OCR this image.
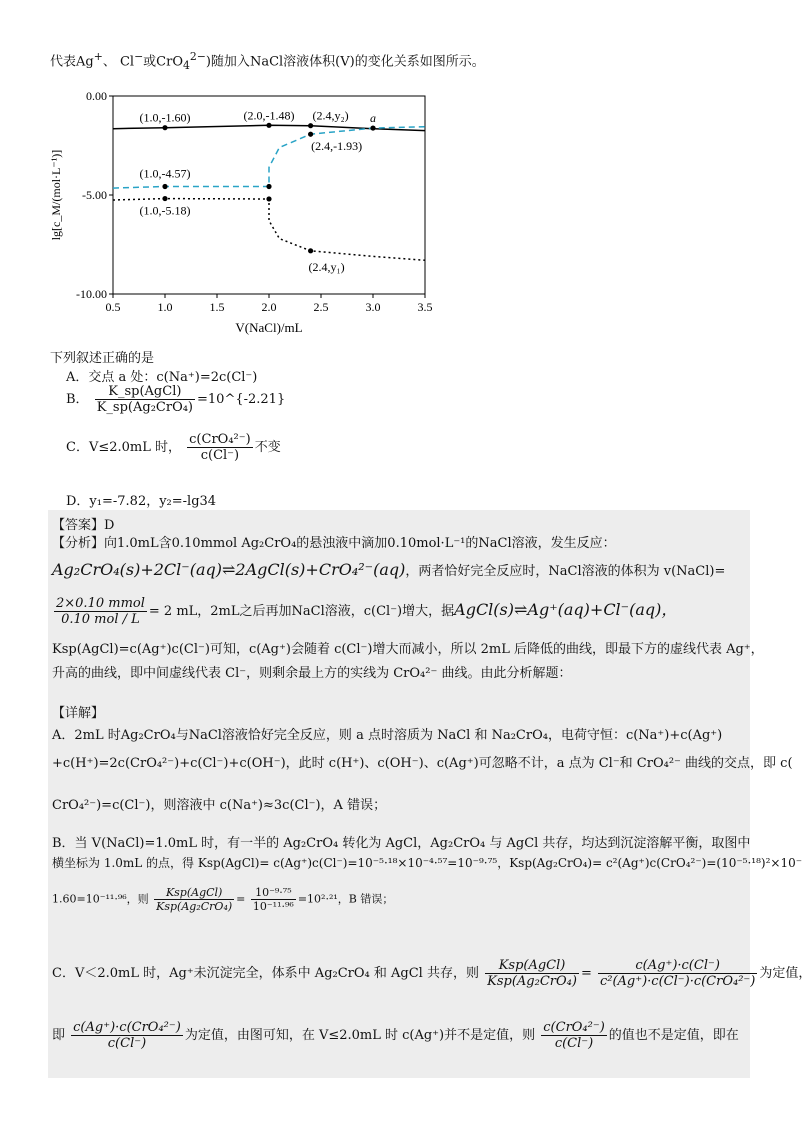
代表Ag+、 Cl−或CrO$_4^{2-}$)随加入NaCl溶液体积(V)的变化关系如图所示。
0.5	1.0	1.5	2.0	2.5	3.0	3.5
0.00
-5.00
-10.00
V(NaCl)/mL
lg[c_M/(mol·L⁻¹)]
(1.0,-1.60)	(2.0,-1.48) (2.4,y₂) a
(2.4,-1.93)
(1.0,-4.57)
(1.0,-5.18)
(2.4,y₁)
下列叙述正确的是
A．交点 a 处：c(Na⁺)=2c(Cl⁻)
B． $\frac{\text{K\_sp(AgCl)}}{\text{K\_sp(Ag₂CrO₄)}}$ =10^{-2.21}
C．V≤2.0mL 时， $\frac{\text{c(CrO₄²⁻)}}{c(Cl^-)}$ 不变
D．y₁=-7.82，y₂=-lg34
【答案】D
【分析】向1.0mL含0.10mmol Ag₂CrO₄的悬浊液中滴加0.10mol·L⁻¹的NaCl溶液，发生反应：
Ag₂CrO₄(s)+2Cl⁻(aq)⇌2AgCl(s)+CrO₄²⁻(aq)，两者恰好完全反应时，NaCl溶液的体积为 v(NaCl)=
$\frac{\text{2×0.10 mmol}}{\text{0.10 mol / L}} = 2$ mL，2mL之后再加NaCl溶液，c(Cl⁻)增大，据AgCl(s)⇌Ag⁺(aq)+Cl⁻(aq)，
Ksp(AgCl)=c(Ag⁺)c(Cl⁻)可知，c(Ag⁺)会随着 c(Cl⁻)增大而减小，所以 2mL 后降低的曲线，即最下方的虚线代表 Ag⁺，
升高的曲线，即中间虚线代表 Cl⁻，则剩余最上方的实线为 CrO₄²⁻ 曲线。由此分析解题：
【详解】
A．2mL 时Ag₂CrO₄与NaCl溶液恰好完全反应，则 a 点时溶质为 NaCl 和 Na₂CrO₄，电荷守恒：c(Na⁺)+c(Ag⁺)
+c(H⁺)=2c(CrO₄²⁻)+c(Cl⁻)+c(OH⁻)，此时 c(H⁺)、c(OH⁻)、c(Ag⁺)可忽略不计，a 点为 Cl⁻和 CrO₄²⁻ 曲线的交点，即 c(
CrO₄²⁻)=c(Cl⁻)，则溶液中 c(Na⁺)≈3c(Cl⁻)，A 错误；
B．当 V(NaCl)=1.0mL 时，有一半的 Ag₂CrO₄ 转化为 AgCl，Ag₂CrO₄ 与 AgCl 共存，均达到沉淀溶解平衡，取图中
横坐标为 1.0mL 的点，得 Ksp(AgCl)= c(Ag⁺)c(Cl⁻)=10⁻⁵·¹⁸×10⁻⁴·⁵⁷=10⁻⁹·⁷⁵，Ksp(Ag₂CrO₄)= c²(Ag⁺)c(CrO₄²⁻)=(10⁻⁵·¹⁸)²×10⁻
1.60=10⁻¹¹·⁹⁶，则 $\frac{\text{Ksp(AgCl)}}{\text{Ksp(Ag₂CrO₄)}} = \frac{\text{10⁻⁹·⁷⁵}}{\text{10⁻¹¹·⁹⁶}} =10^2\cdot^{21}$，B 错误；
C．V＜2.0mL 时，Ag⁺未沉淀完全，体系中 Ag₂CrO₄ 和 AgCl 共存，则 $\frac{\text{Ksp(AgCl)}}{\text{Ksp(Ag₂CrO₄)}} = \frac{c(Ag^+)\cdot c(Cl^-)}{\text{c²(Ag⁺)·c(Cl⁻)·c(CrO₄²⁻)}}$ 为定值，
即 $\frac{\text{c(Ag⁺)·c(CrO₄²⁻)}}{c(Cl^-)}$ 为定值，由图可知，在 V≤2.0mL 时 c(Ag⁺)并不是定值，则 $\frac{\text{c(CrO₄²⁻)}}{c(Cl^-)}$ 的值也不是定值，即在
